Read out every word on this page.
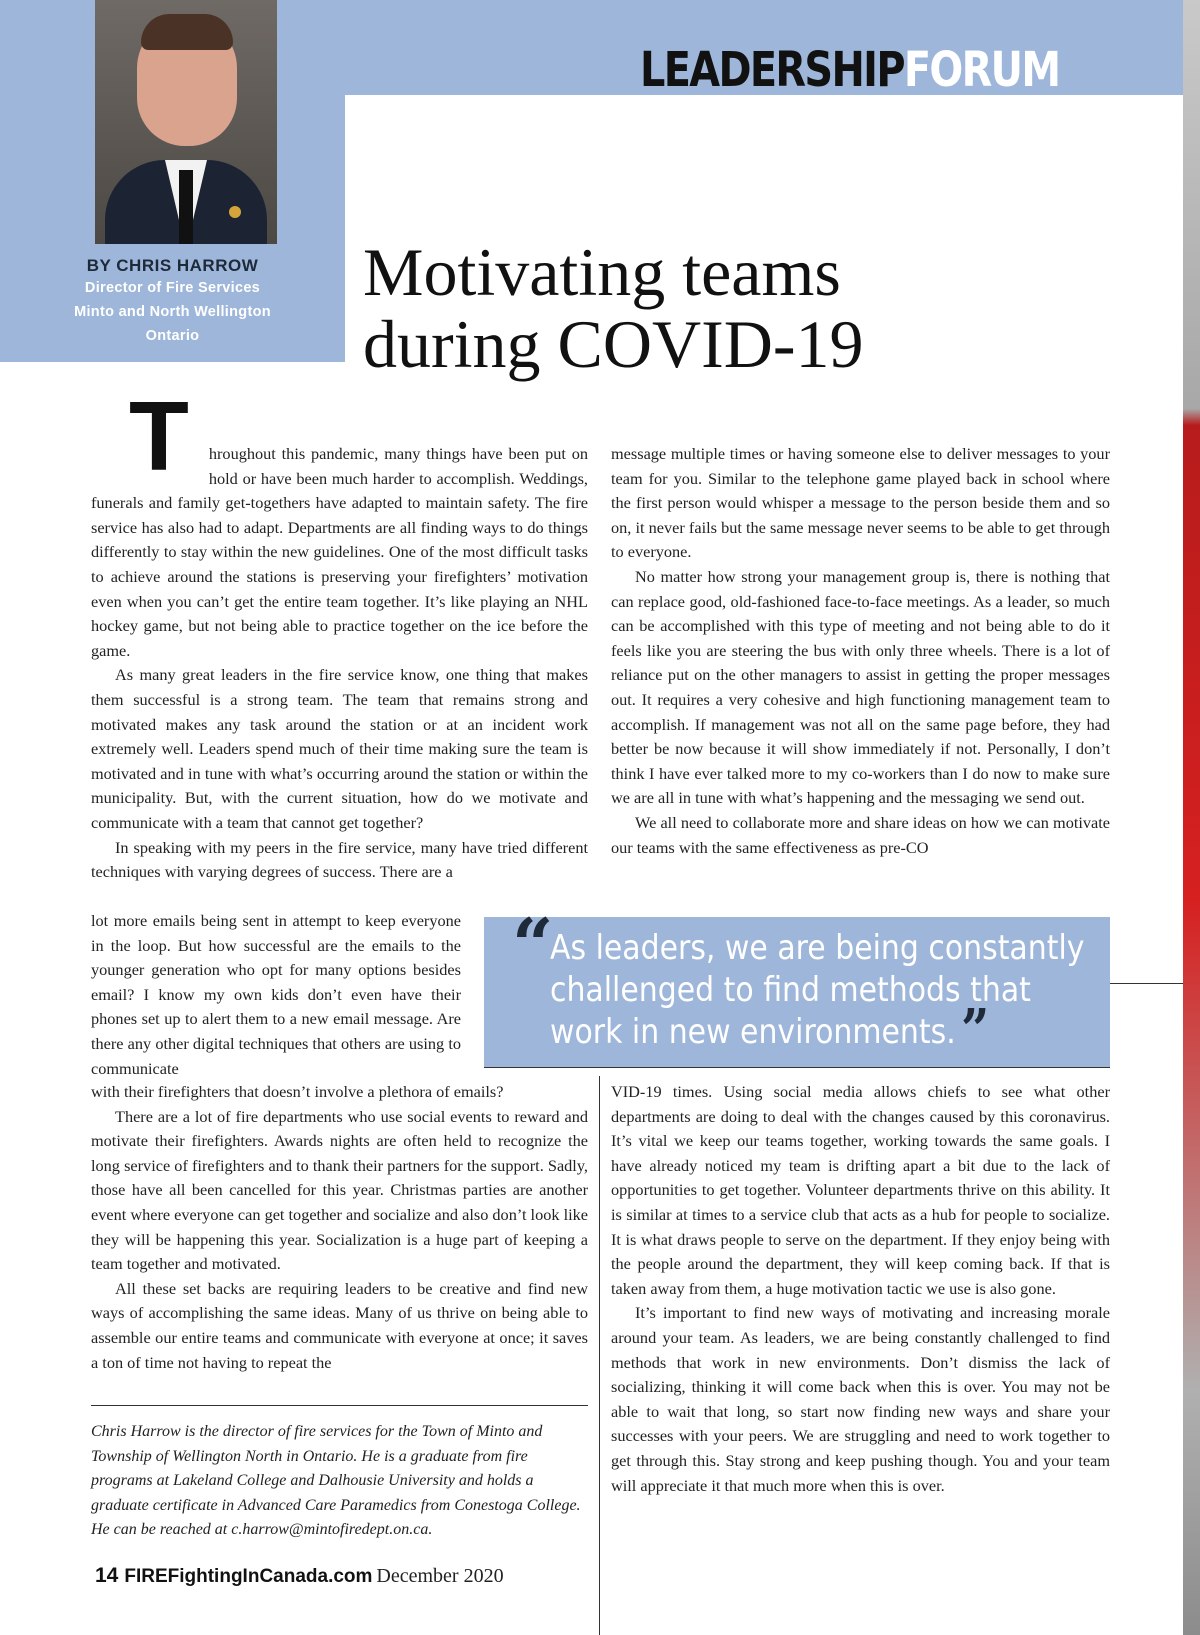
BY CHRIS HARROW
Director of Fire Services
Minto and North Wellington
Ontario
LEADERSHIPFORUM
Motivating teams
during COVID-19

T hroughout this pandemic, many things have been put on hold or have been much harder to accomplish. Weddings, funerals and family get-togethers have adapted to maintain safety. The fire service has also had to adapt. Departments are all finding ways to do things differently to stay within the new guidelines. One of the most difficult tasks to achieve around the stations is preserving your firefighters’ motivation even when you can’t get the entire team together. It’s like playing an NHL hockey game, but not being able to practice together on the ice before the game.

As many great leaders in the fire service know, one thing that makes them successful is a strong team. The team that remains strong and motivated makes any task around the station or at an incident work extremely well. Leaders spend much of their time making sure the team is motivated and in tune with what’s occurring around the station or within the municipality. But, with the current situation, how do we motivate and communicate with a team that cannot get together?

In speaking with my peers in the fire service, many have tried different techniques with varying degrees of success. There are a

lot more emails being sent in attempt to keep everyone in the loop. But how successful are the emails to the younger generation who opt for many options besides email? I know my own kids don’t even have their phones set up to alert them to a new email message. Are there any other digital techniques that others are using to communicate

with their firefighters that doesn’t involve a plethora of emails?

There are a lot of fire departments who use social events to reward and motivate their firefighters. Awards nights are often held to recognize the long service of firefighters and to thank their partners for the support. Sadly, those have all been cancelled for this year. Christmas parties are another event where everyone can get together and socialize and also don’t look like they will be happening this year. Socialization is a huge part of keeping a team together and motivated.

All these set backs are requiring leaders to be creative and find new ways of accomplishing the same ideas. Many of us thrive on being able to assemble our entire teams and communicate with everyone at once; it saves a ton of time not having to repeat the

message multiple times or having someone else to deliver messages to your team for you. Similar to the telephone game played back in school where the first person would whisper a message to the person beside them and so on, it never fails but the same message never seems to be able to get through to everyone.

No matter how strong your management group is, there is nothing that can replace good, old-fashioned face-to-face meetings. As a leader, so much can be accomplished with this type of meeting and not being able to do it feels like you are steering the bus with only three wheels. There is a lot of reliance put on the other managers to assist in getting the proper messages out. It requires a very cohesive and high functioning management team to accomplish. If management was not all on the same page before, they had better be now because it will show immediately if not. Personally, I don’t think I have ever talked more to my co-workers than I do now to make sure we are all in tune with what’s happening and the messaging we send out.

We all need to collaborate more and share ideas on how we can motivate our teams with the same effectiveness as pre-CO

“
As leaders, we are being constantly challenged to find methods that work in new environments.”

VID-19 times. Using social media allows chiefs to see what other departments are doing to deal with the changes caused by this coronavirus. It’s vital we keep our teams together, working towards the same goals. I have already noticed my team is drifting apart a bit due to the lack of opportunities to get together. Volunteer departments thrive on this ability. It is similar at times to a service club that acts as a hub for people to socialize. It is what draws people to serve on the department. If they enjoy being with the people around the department, they will keep coming back. If that is taken away from them, a huge motivation tactic we use is also gone.

It’s important to find new ways of motivating and increasing morale around your team. As leaders, we are being constantly challenged to find methods that work in new environments. Don’t dismiss the lack of socializing, thinking it will come back when this is over. You may not be able to wait that long, so start now finding new ways and share your successes with your peers. We are struggling and need to work together to get through this. Stay strong and keep pushing though. You and your team will appreciate it that much more when this is over.

Chris Harrow is the director of fire services for the Town of Minto and Township of Wellington North in Ontario. He is a graduate from fire programs at Lakeland College and Dalhousie University and holds a graduate certificate in Advanced Care Paramedics from Conestoga College. He can be reached at c.harrow@mintofiredept.on.ca.
14 FIREFightingInCanada.com December 2020
